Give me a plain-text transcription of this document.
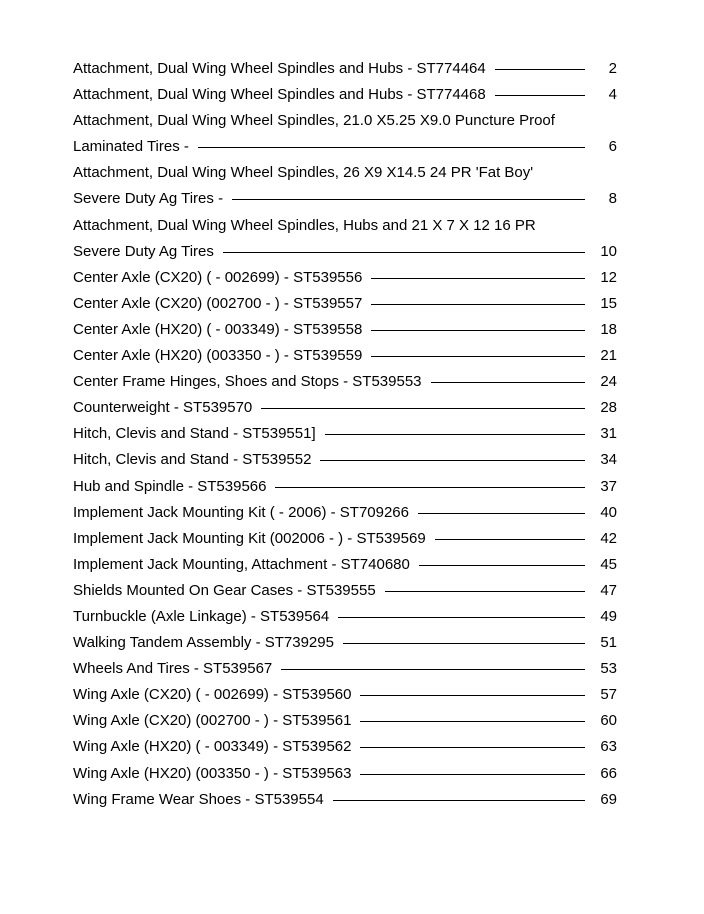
Attachment, Dual Wing Wheel Spindles and Hubs - ST774464	2
Attachment, Dual Wing Wheel Spindles and Hubs - ST774468	4
Attachment, Dual Wing Wheel Spindles, 21.0 X5.25 X9.0 Puncture Proof
Laminated Tires -	6
Attachment, Dual Wing Wheel Spindles, 26 X9 X14.5 24 PR 'Fat Boy'
Severe Duty Ag Tires -	8
Attachment, Dual Wing Wheel Spindles, Hubs and 21 X 7 X 12 16 PR
Severe Duty Ag Tires	10
Center Axle (CX20) ( - 002699) - ST539556	12
Center Axle (CX20) (002700 - ) - ST539557	15
Center Axle (HX20) ( - 003349) - ST539558	18
Center Axle (HX20) (003350 - ) - ST539559	21
Center Frame Hinges, Shoes and Stops - ST539553	24
Counterweight - ST539570	28
Hitch, Clevis and Stand - ST539551]	31
Hitch, Clevis and Stand - ST539552	34
Hub and Spindle - ST539566	37
Implement Jack Mounting Kit ( - 2006) - ST709266	40
Implement Jack Mounting Kit (002006 - ) - ST539569	42
Implement Jack Mounting, Attachment - ST740680	45
Shields Mounted On Gear Cases - ST539555	47
Turnbuckle (Axle Linkage) - ST539564	49
Walking Tandem Assembly - ST739295	51
Wheels And Tires - ST539567	53
Wing Axle (CX20) ( - 002699) - ST539560	57
Wing Axle (CX20) (002700 - ) - ST539561	60
Wing Axle (HX20) ( - 003349) - ST539562	63
Wing Axle (HX20) (003350 - ) - ST539563	66
Wing Frame Wear Shoes - ST539554	69
